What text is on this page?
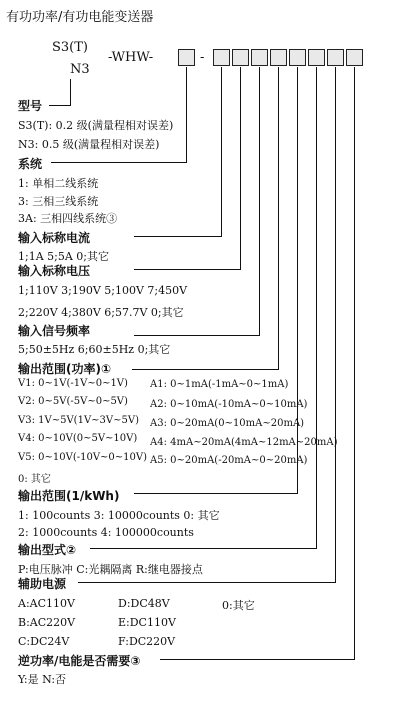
有功功率/有功电能变送器
S3(T)
N3
-WHW-	-
型号
S3(T): 0.2 级(满量程相对误差)
N3: 0.5 级(满量程相对误差)
系统
1: 单相二线系统
3: 三相三线系统
3A: 三相四线系统③
输入标称电流
1;1A 5;5A 0;其它
输入标称电压
1;110V 3;190V 5;100V 7;450V
2;220V 4;380V 6;57.7V 0;其它
输入信号频率
5;50±5Hz 6;60±5Hz 0;其它
输出范围(功率)①
V1: 0~1V(-1V~0~1V)
V2: 0~5V(-5V~0~5V)
V3: 1V~5V(1V~3V~5V)
V4: 0~10V(0~5V~10V)
V5: 0~10V(-10V~0~10V)
0: 其它
A1: 0~1mA(-1mA~0~1mA)
A2: 0~10mA(-10mA~0~10mA)
A3: 0~20mA(0~10mA~20mA)
A4: 4mA~20mA(4mA~12mA~20mA)
A5: 0~20mA(-20mA~0~20mA)
输出范围(1/kWh)
1: 100counts 3: 10000counts 0: 其它
2: 1000counts 4: 100000counts
输出型式②
P:电压脉冲 C:光耦隔离 R:继电器接点
辅助电源
A:AC110V
B:AC220V
C:DC24V
D:DC48V
E:DC110V
F:DC220V
0:其它
逆功率/电能是否需要③
Y:是 N:否
